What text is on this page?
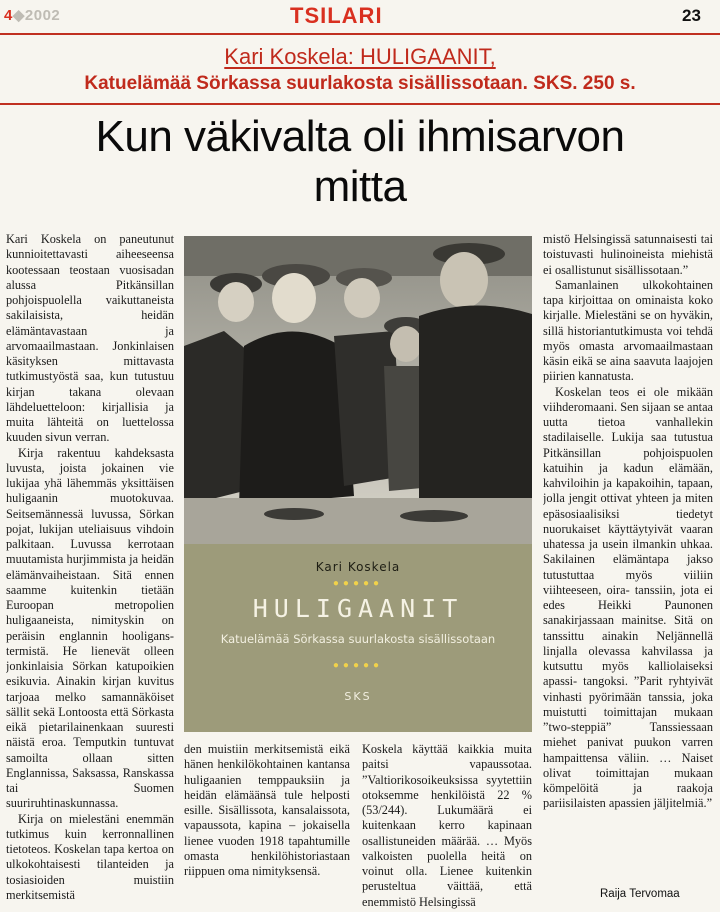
4◆2002	TSILARI	23
Kari Koskela: HULIGAANIT,
Katuelämää Sörkassa suurlakosta sisällissotaan. SKS. 250 s.
Kun väkivalta oli ihmisarvon
mitta

Kari Koskela on paneutunut kunnioitettavasti aiheeseensa kootessaan teostaan vuosisadan alussa Pitkänsillan pohjoispuolella vaikuttaneista sakilaisista, heidän elämäntavastaan ja arvomaailmastaan. Jonkinlaisen käsityksen mittavasta tutkimustyöstä saa, kun tutustuu kirjan takana olevaan lähdeluetteloon: kirjallisia ja muita lähteitä on luettelossa kuuden sivun verran.

Kirja rakentuu kahdeksasta luvusta, joista jokainen vie lukijaa yhä lähemmäs yksittäisen huligaanin muotokuvaa. Seitsemännessä luvussa, Sörkan pojat, lukijan uteliaisuus vihdoin palkitaan. Luvussa kerrotaan muutamista hurjimmista ja heidän elämänvaiheistaan. Sitä ennen saamme kuitenkin tietään Euroopan metropolien huligaaneista, nimityskin on peräisin englannin hooligans-termistä. He lienevät olleen jonkinlaisia Sörkan katupoikien esikuvia. Ainakin kirjan kuvitus tarjoaa melko samannäköiset sällit sekä Lontoosta että Sörkasta eikä pietarilainenkaan suuresti näistä eroa. Temputkin tuntuvat samoilta ollaan sitten Englannissa, Saksassa, Ranskassa tai Suomen suuriruhtinaskunnassa.

Kirja on mielestäni enemmän tutkimus kuin kerronnallinen tietoteos. Koskelan tapa kertoa on ulkokohtaisesti tilanteiden ja tosiasioiden muistiin merkitsemistä

Kari Koskela
●●●●●
HULIGAANIT
Katuelämää Sörkassa suurlakosta sisällissotaan
●●●●●
SKS

den muistiin merkitsemistä eikä hänen henkilökohtainen kantansa huligaanien temppauksiin ja heidän elämäänsä tule helposti esille. Sisällissota, kansalaissota, vapaussota, kapina – jokaisella lienee vuoden 1918 tapahtumille omasta henkilöhistoriastaan riippuen oma nimityksensä.

Koskela käyttää kaikkia muita paitsi vapaussotaa. ”Valtiorikosoikeuksissa syytettiin otoksemme henkilöistä 22 % (53/244). Lukumäärä ei kuitenkaan kerro kapinaan osallistuneiden määrää. … Myös valkoisten puolella heitä on voinut olla. Lienee kuitenkin perusteltua väittää, että enemmistö Helsingissä

mistö Helsingissä satunnaisesti tai toistuvasti hulinoineista miehistä ei osallistunut sisällissotaan.”

Samanlainen ulkokohtainen tapa kirjoittaa on ominaista koko kirjalle. Mielestäni se on hyväkin, sillä historiantutkimusta voi tehdä myös omasta arvomaailmastaan käsin eikä se aina saavuta laajojen piirien kannatusta.

Koskelan teos ei ole mikään viihderomaani. Sen sijaan se antaa uutta tietoa vanhallekin stadilaiselle. Lukija saa tutustua Pitkänsillan pohjoispuolen katuihin ja kadun elämään, kahviloihin ja kapakoihin, tapaan, jolla jengit ottivat yhteen ja miten epäsosiaalisiksi tiedetyt nuorukaiset käyttäytyivät vaaran uhatessa ja usein ilmankin uhkaa. Sakilainen elämäntapa jakso tutustuttaa myös viiliin viihteeseen, oira- tanssiin, jota ei edes Heikki Paunonen sanakirjassaan mainitse. Sitä on tanssittu ainakin Neljännellä linjalla olevassa kahvilassa ja kutsuttu myös kalliolaiseksi apassi- tangoksi. ”Parit ryhtyivät vinhasti pyörimään tanssia, joka muistutti toimittajan mukaan ”two-steppiä” Tanssiessaan miehet panivat puukon varren hampaittensa väliin. … Naiset olivat toimittajan mukaan kömpelöitä ja raakoja pariisilaisten apassien jäljitelmiä.”

Raija Tervomaa
